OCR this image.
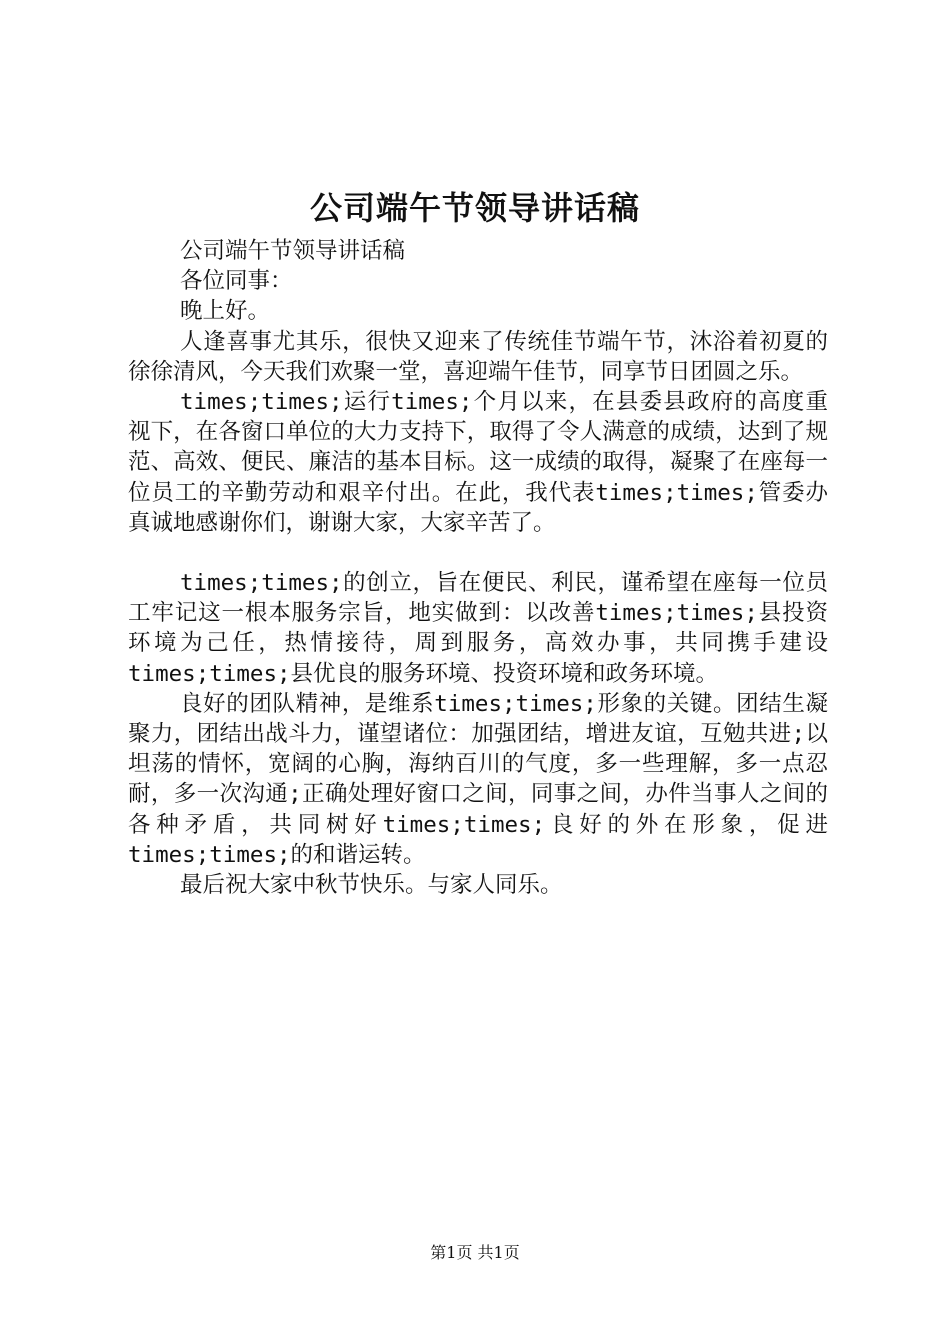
公司端午节领导讲话稿

公司端午节领导讲话稿

各位同事：

晚上好。

人逢喜事尤其乐，很快又迎来了传统佳节端午节，沐浴着初夏的徐徐清风，今天我们欢聚一堂，喜迎端午佳节，同享节日团圆之乐。

times;times;运行times;个月以来，在县委县政府的高度重视下，在各窗口单位的大力支持下，取得了令人满意的成绩，达到了规范、高效、便民、廉洁的基本目标。这一成绩的取得，凝聚了在座每一位员工的辛勤劳动和艰辛付出。在此，我代表times;times;管委办真诚地感谢你们，谢谢大家，大家辛苦了。

times;times;的创立，旨在便民、利民，谨希望在座每一位员工牢记这一根本服务宗旨，地实做到：以改善times;times;县投资环境为己任，热情接待，周到服务，高效办事，共同携手建设times;times;县优良的服务环境、投资环境和政务环境。

良好的团队精神，是维系times;times;形象的关键。团结生凝聚力，团结出战斗力，谨望诸位：加强团结，增进友谊，互勉共进;以坦荡的情怀，宽阔的心胸，海纳百川的气度，多一些理解，多一点忍耐，多一次沟通;正确处理好窗口之间，同事之间，办件当事人之间的各种矛盾，共同树好times;times;良好的外在形象，促进times;times;的和谐运转。

最后祝大家中秋节快乐。与家人同乐。

第1页 共1页
